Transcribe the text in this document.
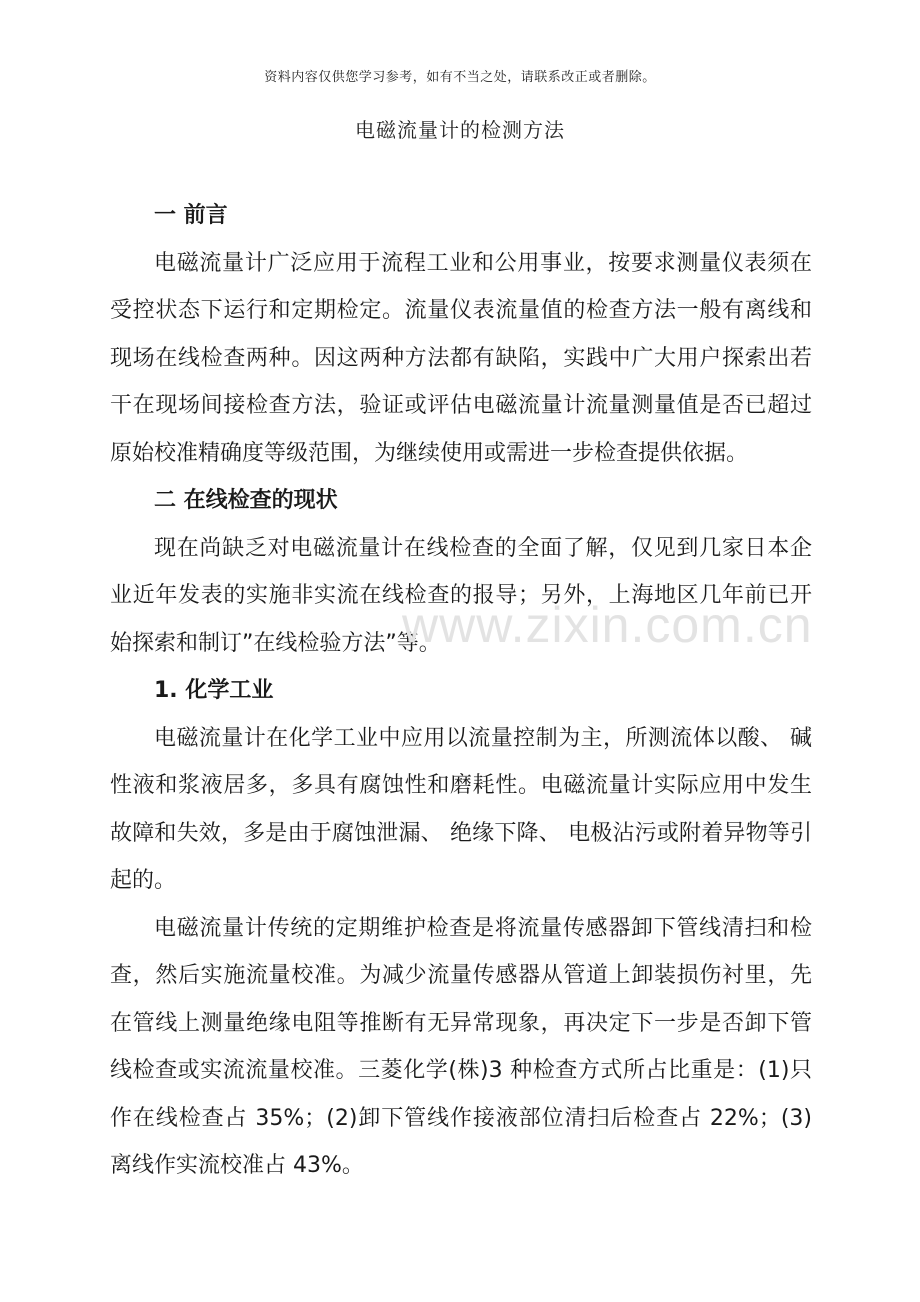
资料内容仅供您学习参考，如有不当之处，请联系改正或者删除。
电磁流量计的检测方法

一 前言

电磁流量计广泛应用于流程工业和公用事业，按要求测量仪表须在受控状态下运行和定期检定。流量仪表流量值的检查方法一般有离线和现场在线检查两种。因这两种方法都有缺陷，实践中广大用户探索出若干在现场间接检查方法，验证或评估电磁流量计流量测量值是否已超过原始校准精确度等级范围，为继续使用或需进一步检查提供依据。

二 在线检查的现状

现在尚缺乏对电磁流量计在线检查的全面了解，仅见到几家日本企业近年发表的实施非实流在线检查的报导；另外，上海地区几年前已开始探索和制订”在线检验方法”等。

1. 化学工业

电磁流量计在化学工业中应用以流量控制为主，所测流体以酸、 碱性液和浆液居多，多具有腐蚀性和磨耗性。电磁流量计实际应用中发生故障和失效，多是由于腐蚀泄漏、 绝缘下降、 电极沾污或附着异物等引起的。

电磁流量计传统的定期维护检查是将流量传感器卸下管线清扫和检查，然后实施流量校准。为减少流量传感器从管道上卸装损伤衬里，先在管线上测量绝缘电阻等推断有无异常现象，再决定下一步是否卸下管线检查或实流流量校准。三菱化学(株)3 种检查方式所占比重是：(1)只作在线检查占 35%；(2)卸下管线作接液部位清扫后检查占 22%；(3)离线作实流校准占 43%。

www.zixin.com.cn
